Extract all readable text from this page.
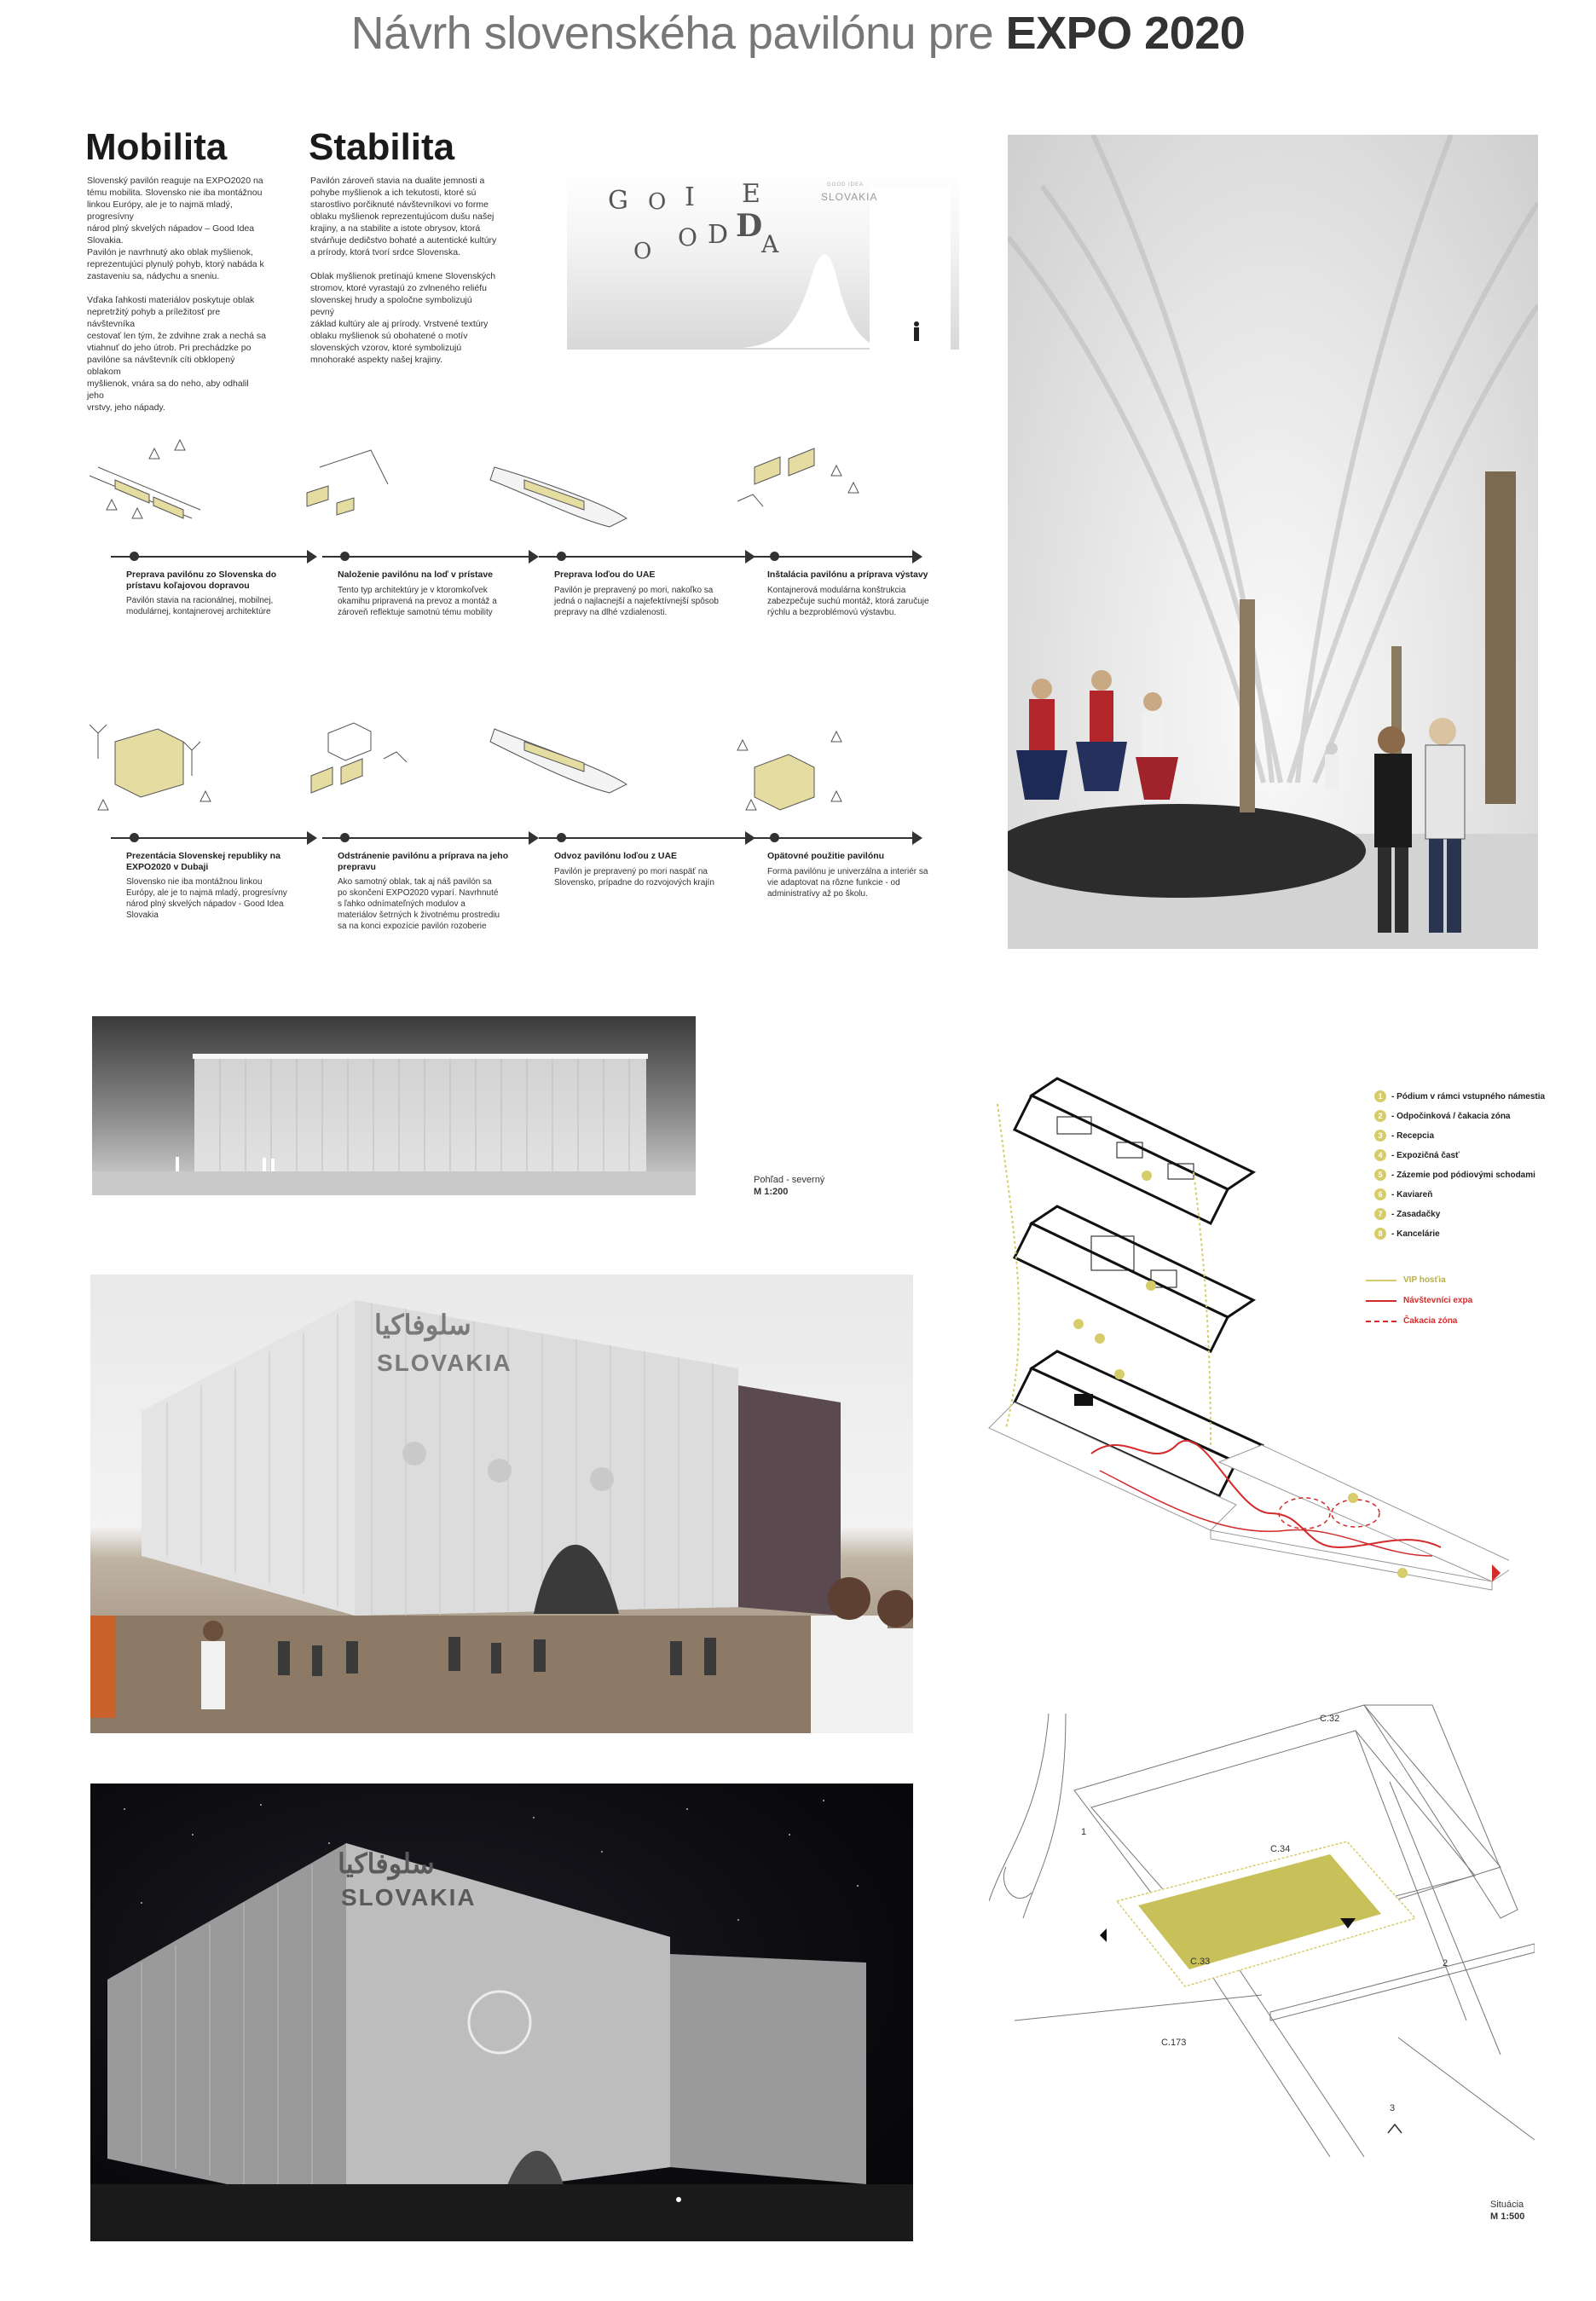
Návrh slovenskéha pavilónu pre EXPO 2020
Mobilita
Slovenský pavilón reaguje na EXPO2020 na
tému mobilita. Slovensko nie iba montážnou
linkou Európy, ale je to najmä mladý, progresívny
národ plný skvelých nápadov – Good Idea
Slovakia.
Pavilón je navrhnutý ako oblak myšlienok,
reprezentujúci plynulý pohyb, ktorý nabáda k
zastaveniu sa, nádychu a sneniu.

Vďaka ľahkosti materiálov poskytuje oblak
nepretržitý pohyb a príležitosť pre návštevníka
cestovať len tým, že zdvihne zrak a nechá sa
vtiahnuť do jeho útrob. Pri prechádzke po
pavilóne sa návštevník cíti obklopený oblakom
myšlienok, vnára sa do neho, aby odhalil jeho
vrstvy, jeho nápady.
Stabilita
Pavilón zároveň stavia na dualite jemnosti a
pohybe myšlienok a ich tekutosti, ktoré sú
starostlivo porčiknuté návštevníkovi vo forme
oblaku myšlienok reprezentujúcom dušu našej
krajiny, a na stabilite a istote obrysov, ktorá
stvárňuje dedičstvo bohaté a autentické kultúry
a prírody, ktorá tvorí srdce Slovenska.

Oblak myšlienok pretínajú kmene Slovenských
stromov, ktoré vyrastajú zo zvlneného reliéfu
slovenskej hrudy a spoločne symbolizujú pevný
základ kultúry ale aj prírody. Vrstvené textúry
oblaku myšlienok sú obohatené o motív
slovenských vzorov, ktoré symbolizujú
mnohoraké aspekty našej krajiny.
G O I E
O D D
A
O
GOOD IDEA
SLOVAKIA
Preprava pavilónu zo Slovenska do
prístavu koľajovou dopravou
Pavilón stavia na racionálnej, mobilnej,
modulárnej, kontajnerovej architektúre
Naloženie pavilónu na loď v prístave
Tento typ architektúry je v ktoromkoľvek
okamihu pripravená na prevoz a montáž a
zároveň reflektuje samotnú tému mobility
Preprava loďou do UAE
Pavilón je prepravený po mori, nakoľko sa
jedná o najlacnejší a najefektívnejší spôsob
prepravy na dlhé vzdialenosti.
Inštalácia pavilónu a príprava výstavy
Kontajnerová modulárna konštrukcia
zabezpečuje suchú montáž, ktorá zaručuje
rýchlu a bezproblémovú výstavbu.
Prezentácia Slovenskej republiky na
EXPO2020 v Dubaji
Slovensko nie iba montážnou linkou
Európy, ale je to najmä mladý, progresívny
národ plný skvelých nápadov - Good Idea
Slovakia
Odstránenie pavilónu a príprava na jeho
prepravu
Ako samotný oblak, tak aj náš pavilón sa
po skončení EXPO2020 vyparí. Navrhnuté
s ľahko odnímateľných modulov a
materiálov šetrných k životnému prostrediu
sa na konci expozície pavilón rozoberie
Odvoz pavilónu loďou z UAE
Pavilón je prepravený po mori naspäť na
Slovensko, prípadne do rozvojových krajín
Opätovné použitie pavilónu
Forma pavilónu je univerzálna a interiér sa
vie adaptovat na rôzne funkcie - od
administratívy až po školu.
Pohľad - severný
M 1:200
1	- Pódium v rámci vstupného námestia
2	- Odpočinková / čakacia zóna
3	- Recepcia
4	- Expozičná časť
5	- Zázemie pod pódiovými schodami
6	- Kaviareň
7	- Zasadačky
8	- Kancelárie
VIP hosťia
Návštevníci expa
Čakacia zóna
سلوفاكيا
SLOVAKIA
سلوفاكيا
SLOVAKIA
C.32
C.34
C.33
C.173
1
2
3
Situácia
M 1:500
